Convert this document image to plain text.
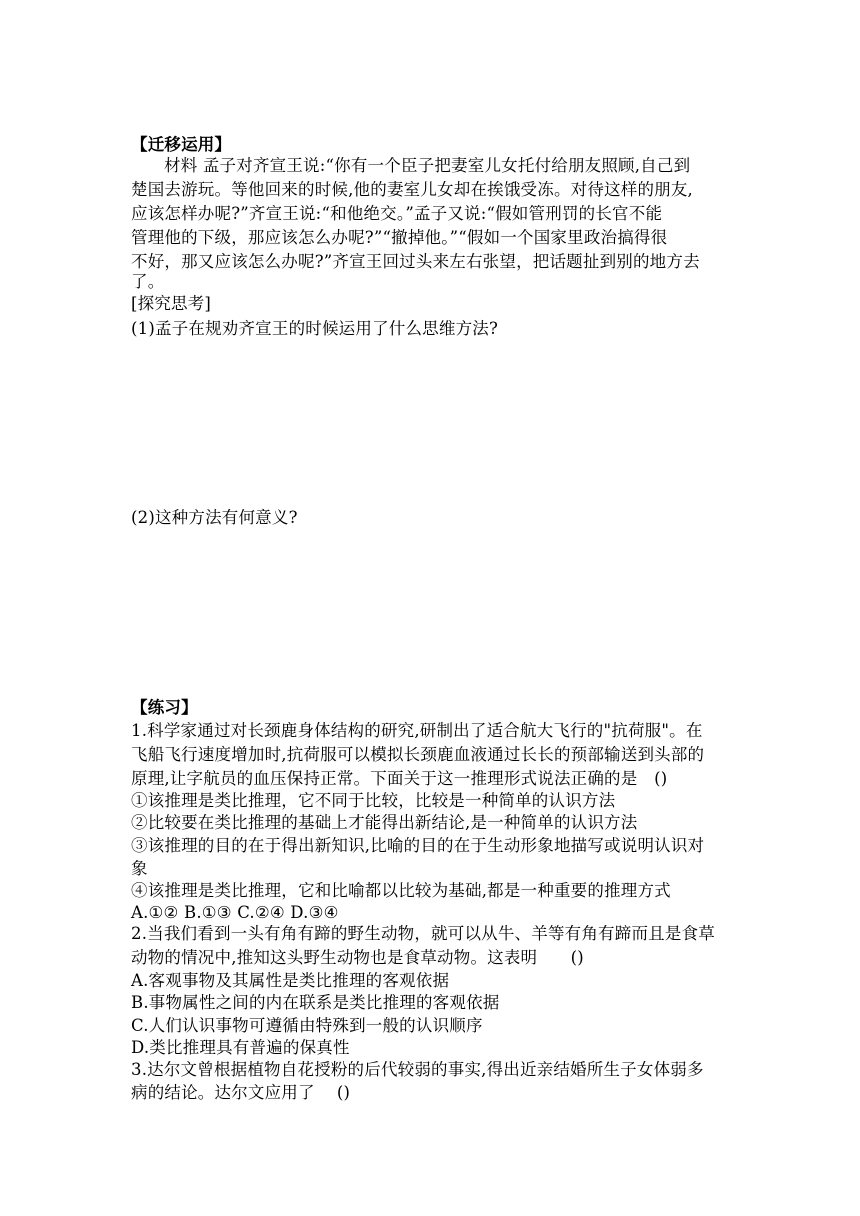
【迁移运用】
材料 孟子对齐宣王说:“你有一个臣子把妻室儿女托付给朋友照顾,自己到
楚国去游玩。等他回来的时候,他的妻室儿女却在挨饿受冻。对待这样的朋友,
应该怎样办呢?”齐宣王说:“和他绝交。”孟子又说:“假如管刑罚的长官不能
管理他的下级，那应该怎么办呢?”“撤掉他。”“假如一个国家里政治搞得很
不好，那又应该怎么办呢?”齐宣王回过头来左右张望，把话题扯到别的地方去
了。
[探究思考]
(1)孟子在规劝齐宣王的时候运用了什么思维方法?
(2)这种方法有何意义?
【练习】
1.科学家通过对长颈鹿身体结构的研究,研制出了适合航大飞行的"抗荷服"。在
飞船飞行速度增加时,抗荷服可以模拟长颈鹿血液通过长长的预部输送到头部的
原理,让字航员的血压保持正常。下面关于这一推理形式说法正确的是　()
①该推理是类比推理，它不同于比较，比较是一种简单的认识方法
②比较要在类比推理的基础上才能得出新结论,是一种简单的认识方法
③该推理的目的在于得出新知识,比喻的目的在于生动形象地描写或说明认识对
象
④该推理是类比推理，它和比喻都以比较为基础,都是一种重要的推理方式
A.①② B.①③ C.②④ D.③④
2.当我们看到一头有角有蹄的野生动物，就可以从牛、羊等有角有蹄而且是食草
动物的情况中,推知这头野生动物也是食草动物。这表明　　()
A.客观事物及其属性是类比推理的客观依据
B.事物属性之间的内在联系是类比推理的客观依据
C.人们认识事物可遵循由特殊到一般的认识顺序
D.类比推理具有普遍的保真性
3.达尔文曾根据植物自花授粉的后代较弱的事实,得出近亲结婚所生子女体弱多
病的结论。达尔文应用了　 ()
